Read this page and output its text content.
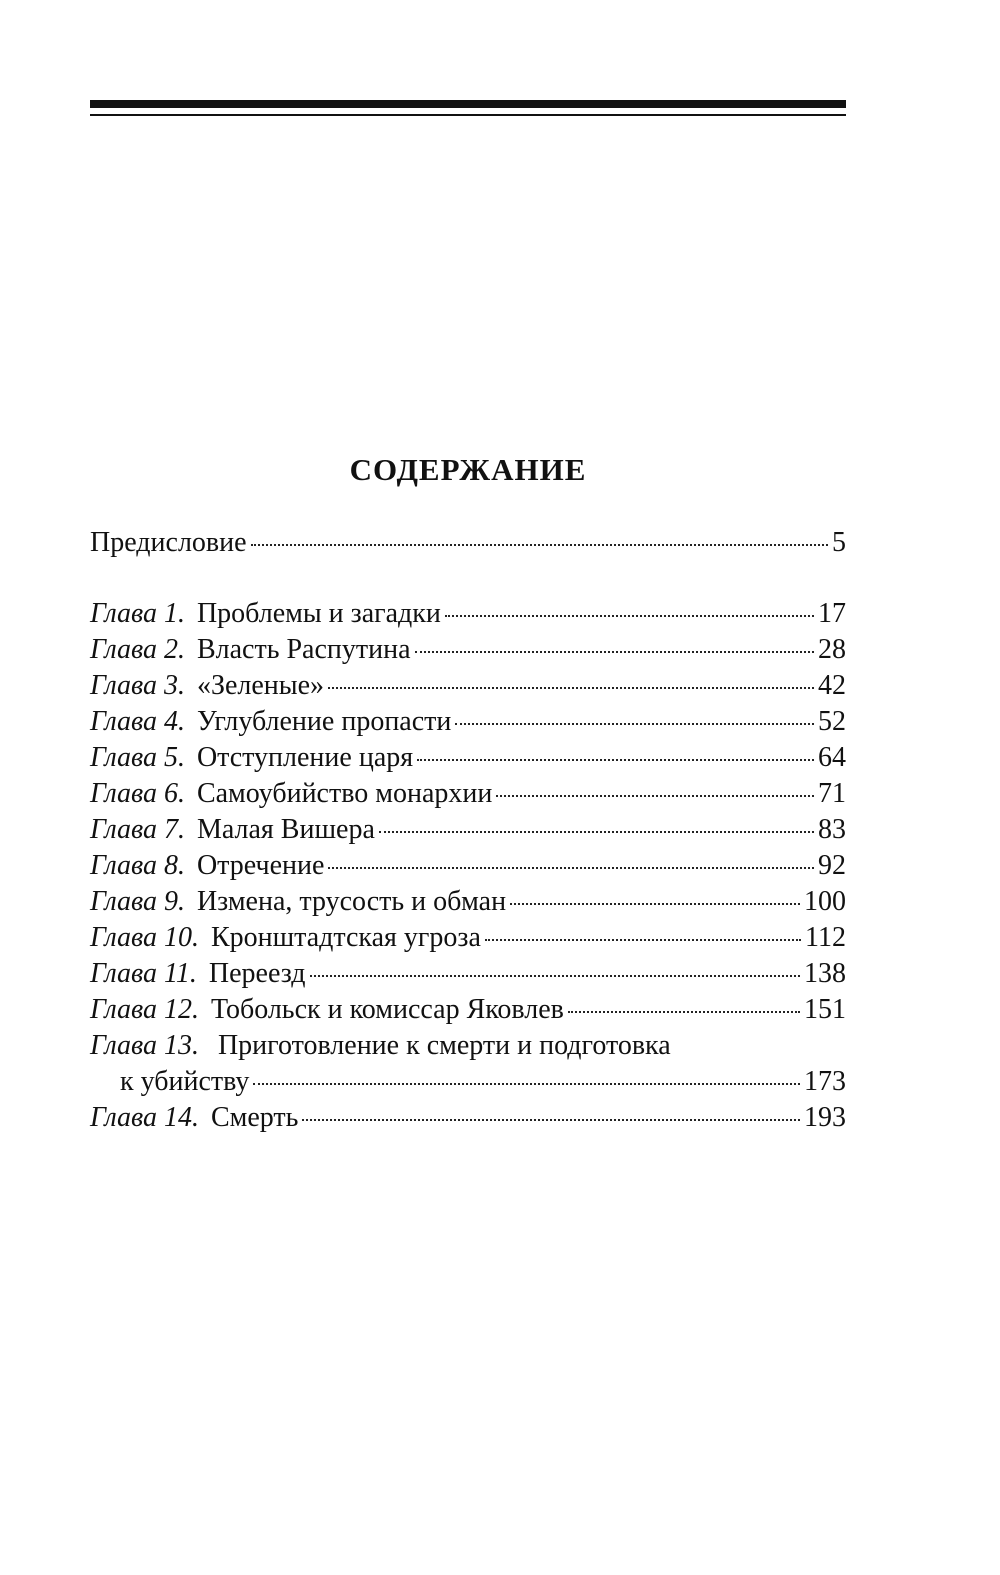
СОДЕРЖАНИЕ
Предисловие	5
Глава 1. Проблемы и загадки	17
Глава 2. Власть Распутина	28
Глава 3. «Зеленые»	42
Глава 4. Углубление пропасти	52
Глава 5. Отступление царя	64
Глава 6. Самоубийство монархии	71
Глава 7. Малая Вишера	83
Глава 8. Отречение	92
Глава 9. Измена, трусость и обман	100
Глава 10. Кронштадтская угроза	112
Глава 11. Переезд	138
Глава 12. Тобольск и комиссар Яковлев	151
Глава 13. Приготовление к смерти и подготовка
к убийству	173
Глава 14. Смерть	193
